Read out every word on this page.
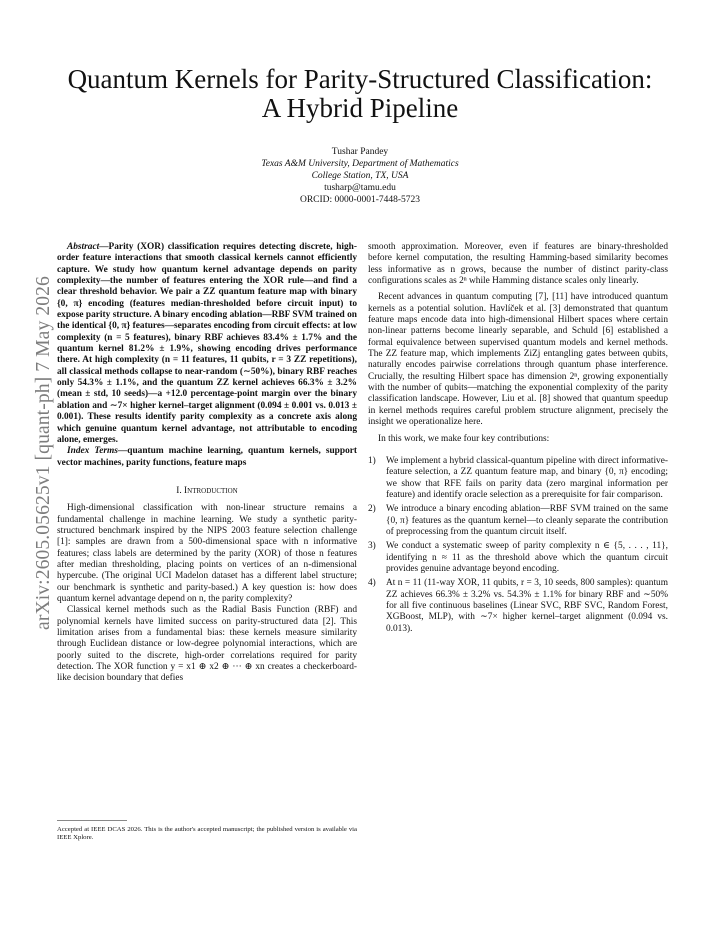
arXiv:2605.05625v1 [quant-ph] 7 May 2026
Quantum Kernels for Parity-Structured Classification:
A Hybrid Pipeline
Tushar Pandey
Texas A&M University, Department of Mathematics
College Station, TX, USA
tusharp@tamu.edu
ORCID: 0000-0001-7448-5723

Abstract—Parity (XOR) classification requires detecting discrete, high-order feature interactions that smooth classical kernels cannot efficiently capture. We study how quantum kernel advantage depends on parity complexity—the number of features entering the XOR rule—and find a clear threshold behavior. We pair a ZZ quantum feature map with binary {0, π} encoding (features median-thresholded before circuit input) to expose parity structure. A binary encoding ablation—RBF SVM trained on the identical {0, π} features—separates encoding from circuit effects: at low complexity (n = 5 features), binary RBF achieves 83.4% ± 1.7% and the quantum kernel 81.2% ± 1.9%, showing encoding drives performance there. At high complexity (n = 11 features, 11 qubits, r = 3 ZZ repetitions), all classical methods collapse to near-random (∼50%), binary RBF reaches only 54.3% ± 1.1%, and the quantum ZZ kernel achieves 66.3% ± 3.2% (mean ± std, 10 seeds)—a +12.0 percentage-point margin over the binary ablation and ∼7× higher kernel–target alignment (0.094 ± 0.001 vs. 0.013 ± 0.001). These results identify parity complexity as a concrete axis along which genuine quantum kernel advantage, not attributable to encoding alone, emerges.

Index Terms—quantum machine learning, quantum kernels, support vector machines, parity functions, feature maps

I. Introduction

High-dimensional classification with non-linear structure remains a fundamental challenge in machine learning. We study a synthetic parity-structured benchmark inspired by the NIPS 2003 feature selection challenge [1]: samples are drawn from a 500-dimensional space with n informative features; class labels are determined by the parity (XOR) of those n features after median thresholding, placing points on vertices of an n-dimensional hypercube. (The original UCI Madelon dataset has a different label structure; our benchmark is synthetic and parity-based.) A key question is: how does quantum kernel advantage depend on n, the parity complexity?

Classical kernel methods such as the Radial Basis Function (RBF) and polynomial kernels have limited success on parity-structured data [2]. This limitation arises from a fundamental bias: these kernels measure similarity through Euclidean distance or low-degree polynomial interactions, which are poorly suited to the discrete, high-order correlations required for parity detection. The XOR function y = x1 ⊕ x2 ⊕ ··· ⊕ xn creates a checkerboard-like decision boundary that defies

smooth approximation. Moreover, even if features are binary-thresholded before kernel computation, the resulting Hamming-based similarity becomes less informative as n grows, because the number of distinct parity-class configurations scales as 2ⁿ while Hamming distance scales only linearly.

Recent advances in quantum computing [7], [11] have introduced quantum kernels as a potential solution. Havlíček et al. [3] demonstrated that quantum feature maps encode data into high-dimensional Hilbert spaces where certain non-linear patterns become linearly separable, and Schuld [6] established a formal equivalence between supervised quantum models and kernel methods. The ZZ feature map, which implements ZiZj entangling gates between qubits, naturally encodes pairwise correlations through quantum phase interference. Crucially, the resulting Hilbert space has dimension 2ⁿ, growing exponentially with the number of qubits—matching the exponential complexity of the parity classification landscape. However, Liu et al. [8] showed that quantum speedup in kernel methods requires careful problem structure alignment, precisely the insight we operationalize here.

In this work, we make four key contributions:

1) We implement a hybrid classical-quantum pipeline with direct informative-feature selection, a ZZ quantum feature map, and binary {0, π} encoding; we show that RFE fails on parity data (zero marginal information per feature) and identify oracle selection as a prerequisite for fair comparison.
2) We introduce a binary encoding ablation—RBF SVM trained on the same {0, π} features as the quantum kernel—to cleanly separate the contribution of preprocessing from the quantum circuit itself.
3) We conduct a systematic sweep of parity complexity n ∈ {5, . . . , 11}, identifying n ≈ 11 as the threshold above which the quantum circuit provides genuine advantage beyond encoding.
4) At n = 11 (11-way XOR, 11 qubits, r = 3, 10 seeds, 800 samples): quantum ZZ achieves 66.3% ± 3.2% vs. 54.3% ± 1.1% for binary RBF and ∼50% for all five continuous baselines (Linear SVC, RBF SVC, Random Forest, XGBoost, MLP), with ∼7× higher kernel–target alignment (0.094 vs. 0.013).
Accepted at IEEE DCAS 2026. This is the author's accepted manuscript; the published version is available via IEEE Xplore.
